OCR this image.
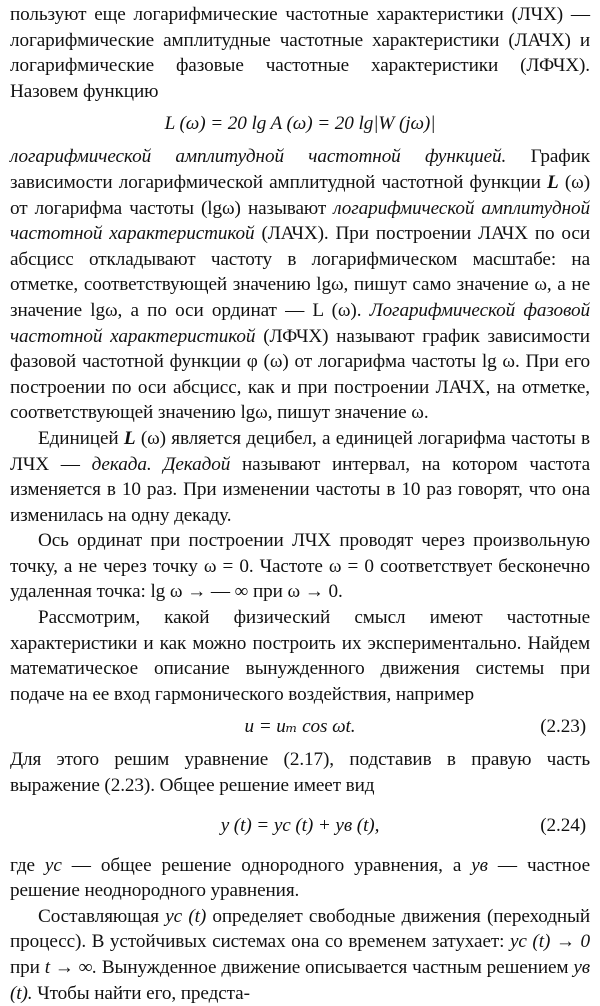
пользуют еще логарифмические частотные характеристики (ЛЧХ) — логарифмические амплитудные частотные характеристики (ЛАЧХ) и логарифмические фазовые частотные характеристики (ЛФЧХ). Назовем функцию

L (ω) = 20 lg A (ω) = 20 lg|W (jω)|

логарифмической амплитудной частотной функцией. График зависимости логарифмической амплитудной частотной функции L (ω) от логарифма частоты (lgω) называют логарифмической амплитудной частотной характеристикой (ЛАЧХ). При построении ЛАЧХ по оси абсцисс откладывают частоту в логарифмическом масштабе: на отметке, соответствующей значению lgω, пишут само значение ω, а не значение lgω, а по оси ординат — L (ω). Логарифмической фазовой частотной характеристикой (ЛФЧХ) называют график зависимости фазовой частотной функции φ (ω) от логарифма частоты lg ω. При его построении по оси абсцисс, как и при построении ЛАЧХ, на отметке, соответствующей значению lgω, пишут значение ω.

Единицей L (ω) является децибел, а единицей логарифма частоты в ЛЧХ — декада. Декадой называют интервал, на котором частота изменяется в 10 раз. При изменении частоты в 10 раз говорят, что она изменилась на одну декаду.

Ось ординат при построении ЛЧХ проводят через произвольную точку, а не через точку ω = 0. Частоте ω = 0 соответствует бесконечно удаленная точка: lg ω → — ∞ при ω → 0.

Рассмотрим, какой физический смысл имеют частотные характеристики и как можно построить их экспериментально. Найдем математическое описание вынужденного движения системы при подаче на ее вход гармонического воздействия, например

u = uₘ cos ωt.	(2.23)

Для этого решим уравнение (2.17), подставив в правую часть выражение (2.23). Общее решение имеет вид

y (t) = yс (t) + yв (t),	(2.24)

где yс — общее решение однородного уравнения, а yв — частное решение неоднородного уравнения.

Составляющая yс (t) определяет свободные движения (переходный процесс). В устойчивых системах она со временем затухает: yс (t) → 0 при t → ∞. Вынужденное движение описывается частным решением yв (t). Чтобы найти его, предста-
